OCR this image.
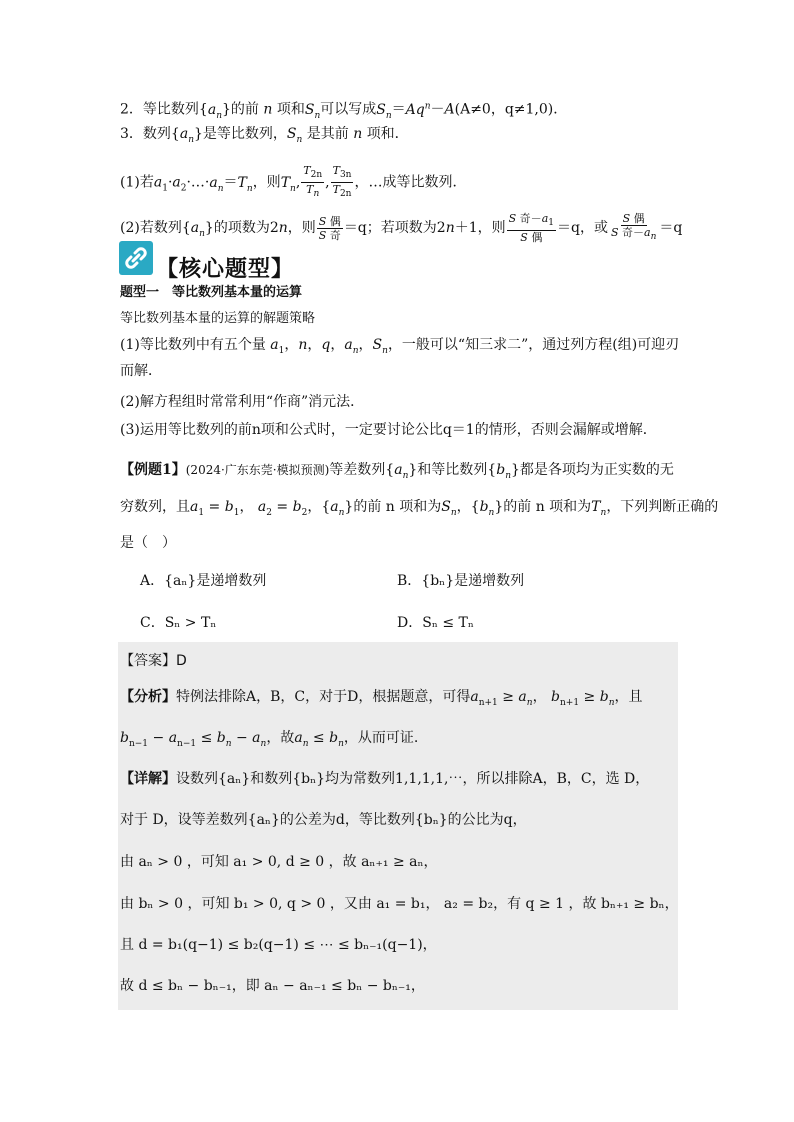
2．等比数列$\{a_n\}$的前 n 项和$S_n$可以写成$S_n=Aq^n-A(A\ne 0$，q≠1,0)．
3．数列$\{a_n\}$是等比数列，$S_n$ 是其前 n 项和．
(1)若$a_1\cdot a_2\cdot\dots\cdot a_n=T_n$，则$T_n$, $\frac{T_{2n}}{T_n}$ , $\frac{T_{3n}}{T_{2n}}$ ，…成等比数列．
(2)若数列$\{a_n\}$的项数为2n，则 $\frac{\text{S 偶}}{\text{S 奇}} =q$；若项数为2n＋1，则 $\frac{S 奇-a_1}{\text{S 偶}} =q$，或 $\frac{\text{S 偶}}{S 奇-a_n} =q$
【核心题型】
题型一　等比数列基本量的运算
等比数列基本量的运算的解题策略
(1)等比数列中有五个量 $a_1$，n，q，$a_n$，$S_n$，一般可以“知三求二”，通过列方程(组)可迎刃
而解．
(2)解方程组时常常利用“作商”消元法．
(3)运用等比数列的前n项和公式时，一定要讨论公比q＝1的情形，否则会漏解或增解．
【例题1】(2024·广东东莞·模拟预测)等差数列$\{a_n\}$和等比数列$\{b_n\}$都是各项均为正实数的无
穷数列，且$a_1 = b_1$， $a_2 = b_2$，$\{a_n\}$的前 n 项和为$S_n$，$\{b_n\}$的前 n 项和为$T_n$，下列判断正确的
是（　）
A．{aₙ}是递增数列	B．{bₙ}是递增数列
C．Sₙ > Tₙ	D．Sₙ ≤ Tₙ
【答案】D
【分析】特例法排除A，B，C，对于D，根据题意，可得$a_{n+1} \ge a_n$， $b_{n+1} \ge b_n$，且
$b_{n-1} - a_{n-1} \le b_n - a_n$，故$a_n \le b_n$，从而可证.
【详解】设数列{aₙ}和数列{bₙ}均为常数列1,1,1,1,⋯，所以排除A，B，C，选 D，
对于 D，设等差数列{aₙ}的公差为d，等比数列{bₙ}的公比为q，
由 aₙ > 0 ，可知 a₁ > 0, d ≥ 0 ，故 aₙ₊₁ ≥ aₙ，
由 bₙ > 0 ，可知 b₁ > 0, q > 0 ，又由 a₁ = b₁， a₂ = b₂，有 q ≥ 1 ，故 bₙ₊₁ ≥ bₙ，
且 d = b₁(q−1) ≤ b₂(q−1) ≤ ⋯ ≤ bₙ₋₁(q−1)，
故 d ≤ bₙ − bₙ₋₁，即 aₙ − aₙ₋₁ ≤ bₙ − bₙ₋₁，
